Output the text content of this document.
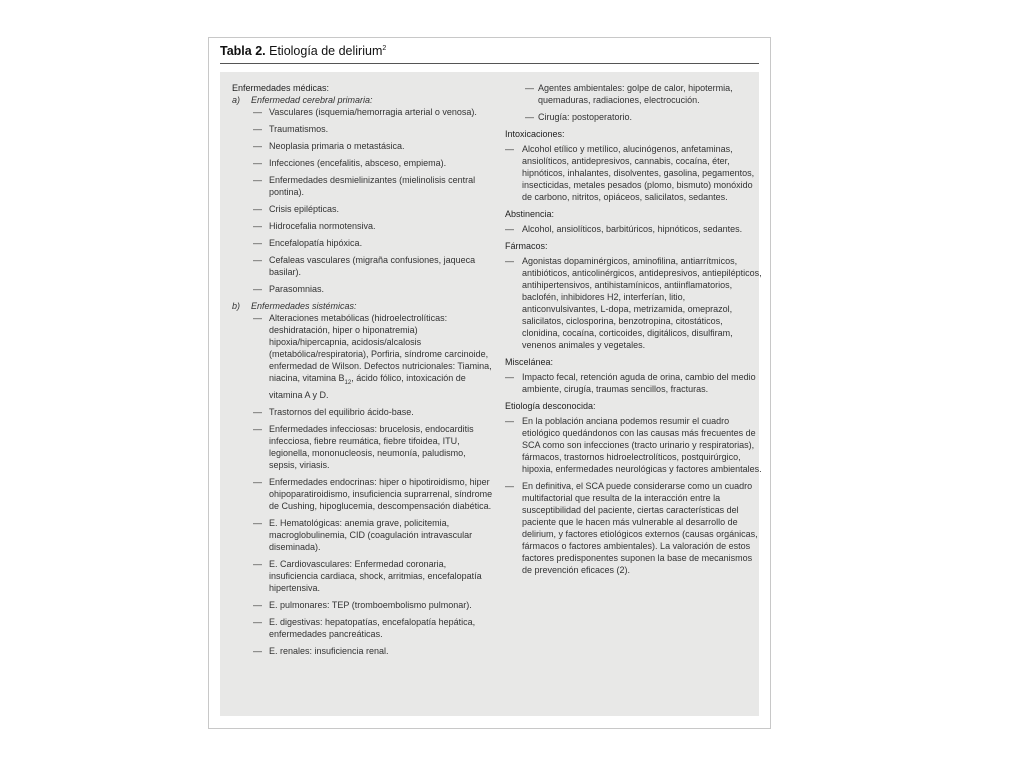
Tabla 2. Etiología de delirium$^2$

Enfermedades médicas:

a) Enfermedad cerebral primaria:

— Vasculares (isquemia/hemorragia arterial o venosa).
— Traumatismos.
— Neoplasia primaria o metastásica.
— Infecciones (encefalitis, absceso, empiema).
— Enfermedades desmielinizantes (mielinolisis central pontina).
— Crisis epilépticas.
— Hidrocefalia normotensiva.
— Encefalopatía hipóxica.
— Cefaleas vasculares (migraña confusiones, jaqueca basilar).
— Parasomnias.

b) Enfermedades sistémicas:

— Alteraciones metabólicas (hidroelectrolíticas: deshidratación, hiper o hiponatremia) hipoxia/hipercapnia, acidosis/alcalosis (metabólica/respiratoria), Porfiria, síndrome carcinoide, enfermedad de Wilson. Defectos nutricionales: Tiamina, niacina, vitamina $B_{12}$, ácido fólico, intoxicación de vitamina A y D.
— Trastornos del equilibrio ácido-base.
— Enfermedades infecciosas: brucelosis, endocarditis infecciosa, fiebre reumática, fiebre tifoidea, ITU, legionella, mononucleosis, neumonía, paludismo, sepsis, viriasis.
— Enfermedades endocrinas: hiper o hipotiroidismo, hiper ohipoparatiroidismo, insuficiencia suprarrenal, síndrome de Cushing, hipoglucemia, descompensación diabética.
— E. Hematológicas: anemia grave, policitemia, macroglobulinemia, CID (coagulación intravascular diseminada).
— E. Cardiovasculares: Enfermedad coronaria, insuficiencia cardiaca, shock, arritmias, encefalopatía hipertensiva.
— E. pulmonares: TEP (tromboembolismo pulmonar).
— E. digestivas: hepatopatías, encefalopatía hepática, enfermedades pancreáticas.
— E. renales: insuficiencia renal.
— Agentes ambientales: golpe de calor, hipotermia, quemaduras, radiaciones, electrocución.
— Cirugía: postoperatorio.

Intoxicaciones:

— Alcohol etílico y metílico, alucinógenos, anfetaminas, ansiolíticos, antidepresivos, cannabis, cocaína, éter, hipnóticos, inhalantes, disolventes, gasolina, pegamentos, insecticidas, metales pesados (plomo, bismuto) monóxido de carbono, nitritos, opiáceos, salicilatos, sedantes.

Abstinencia:

— Alcohol, ansiolíticos, barbitúricos, hipnóticos, sedantes.

Fármacos:

— Agonistas dopaminérgicos, aminofilina, antiarrítmicos, antibióticos, anticolinérgicos, antidepresivos, antiepilépticos, antihipertensivos, antihistamínicos, antiinflamatorios, baclofén, inhibidores H2, interferían, litio, anticonvulsivantes, L-dopa, metrizamida, omeprazol, salicilatos, ciclosporina, benzotropina, citostáticos, clonidina, cocaína, corticoides, digitálicos, disulfiram, venenos animales y vegetales.

Miscelánea:

— Impacto fecal, retención aguda de orina, cambio del medio ambiente, cirugía, traumas sencillos, fracturas.

Etiología desconocida:

— En la población anciana podemos resumir el cuadro etiológico quedándonos con las causas más frecuentes de SCA como son infecciones (tracto urinario y respiratorias), fármacos, trastornos hidroelectrolíticos, postquirúrgico, hipoxia, enfermedades neurológicas y factores ambientales.
— En definitiva, el SCA puede considerarse como un cuadro multifactorial que resulta de la interacción entre la susceptibilidad del paciente, ciertas características del paciente que le hacen más vulnerable al desarrollo de delirium, y factores etiológicos externos (causas orgánicas, fármacos o factores ambientales). La valoración de estos factores predisponentes suponen la base de mecanismos de prevención eficaces (2).
